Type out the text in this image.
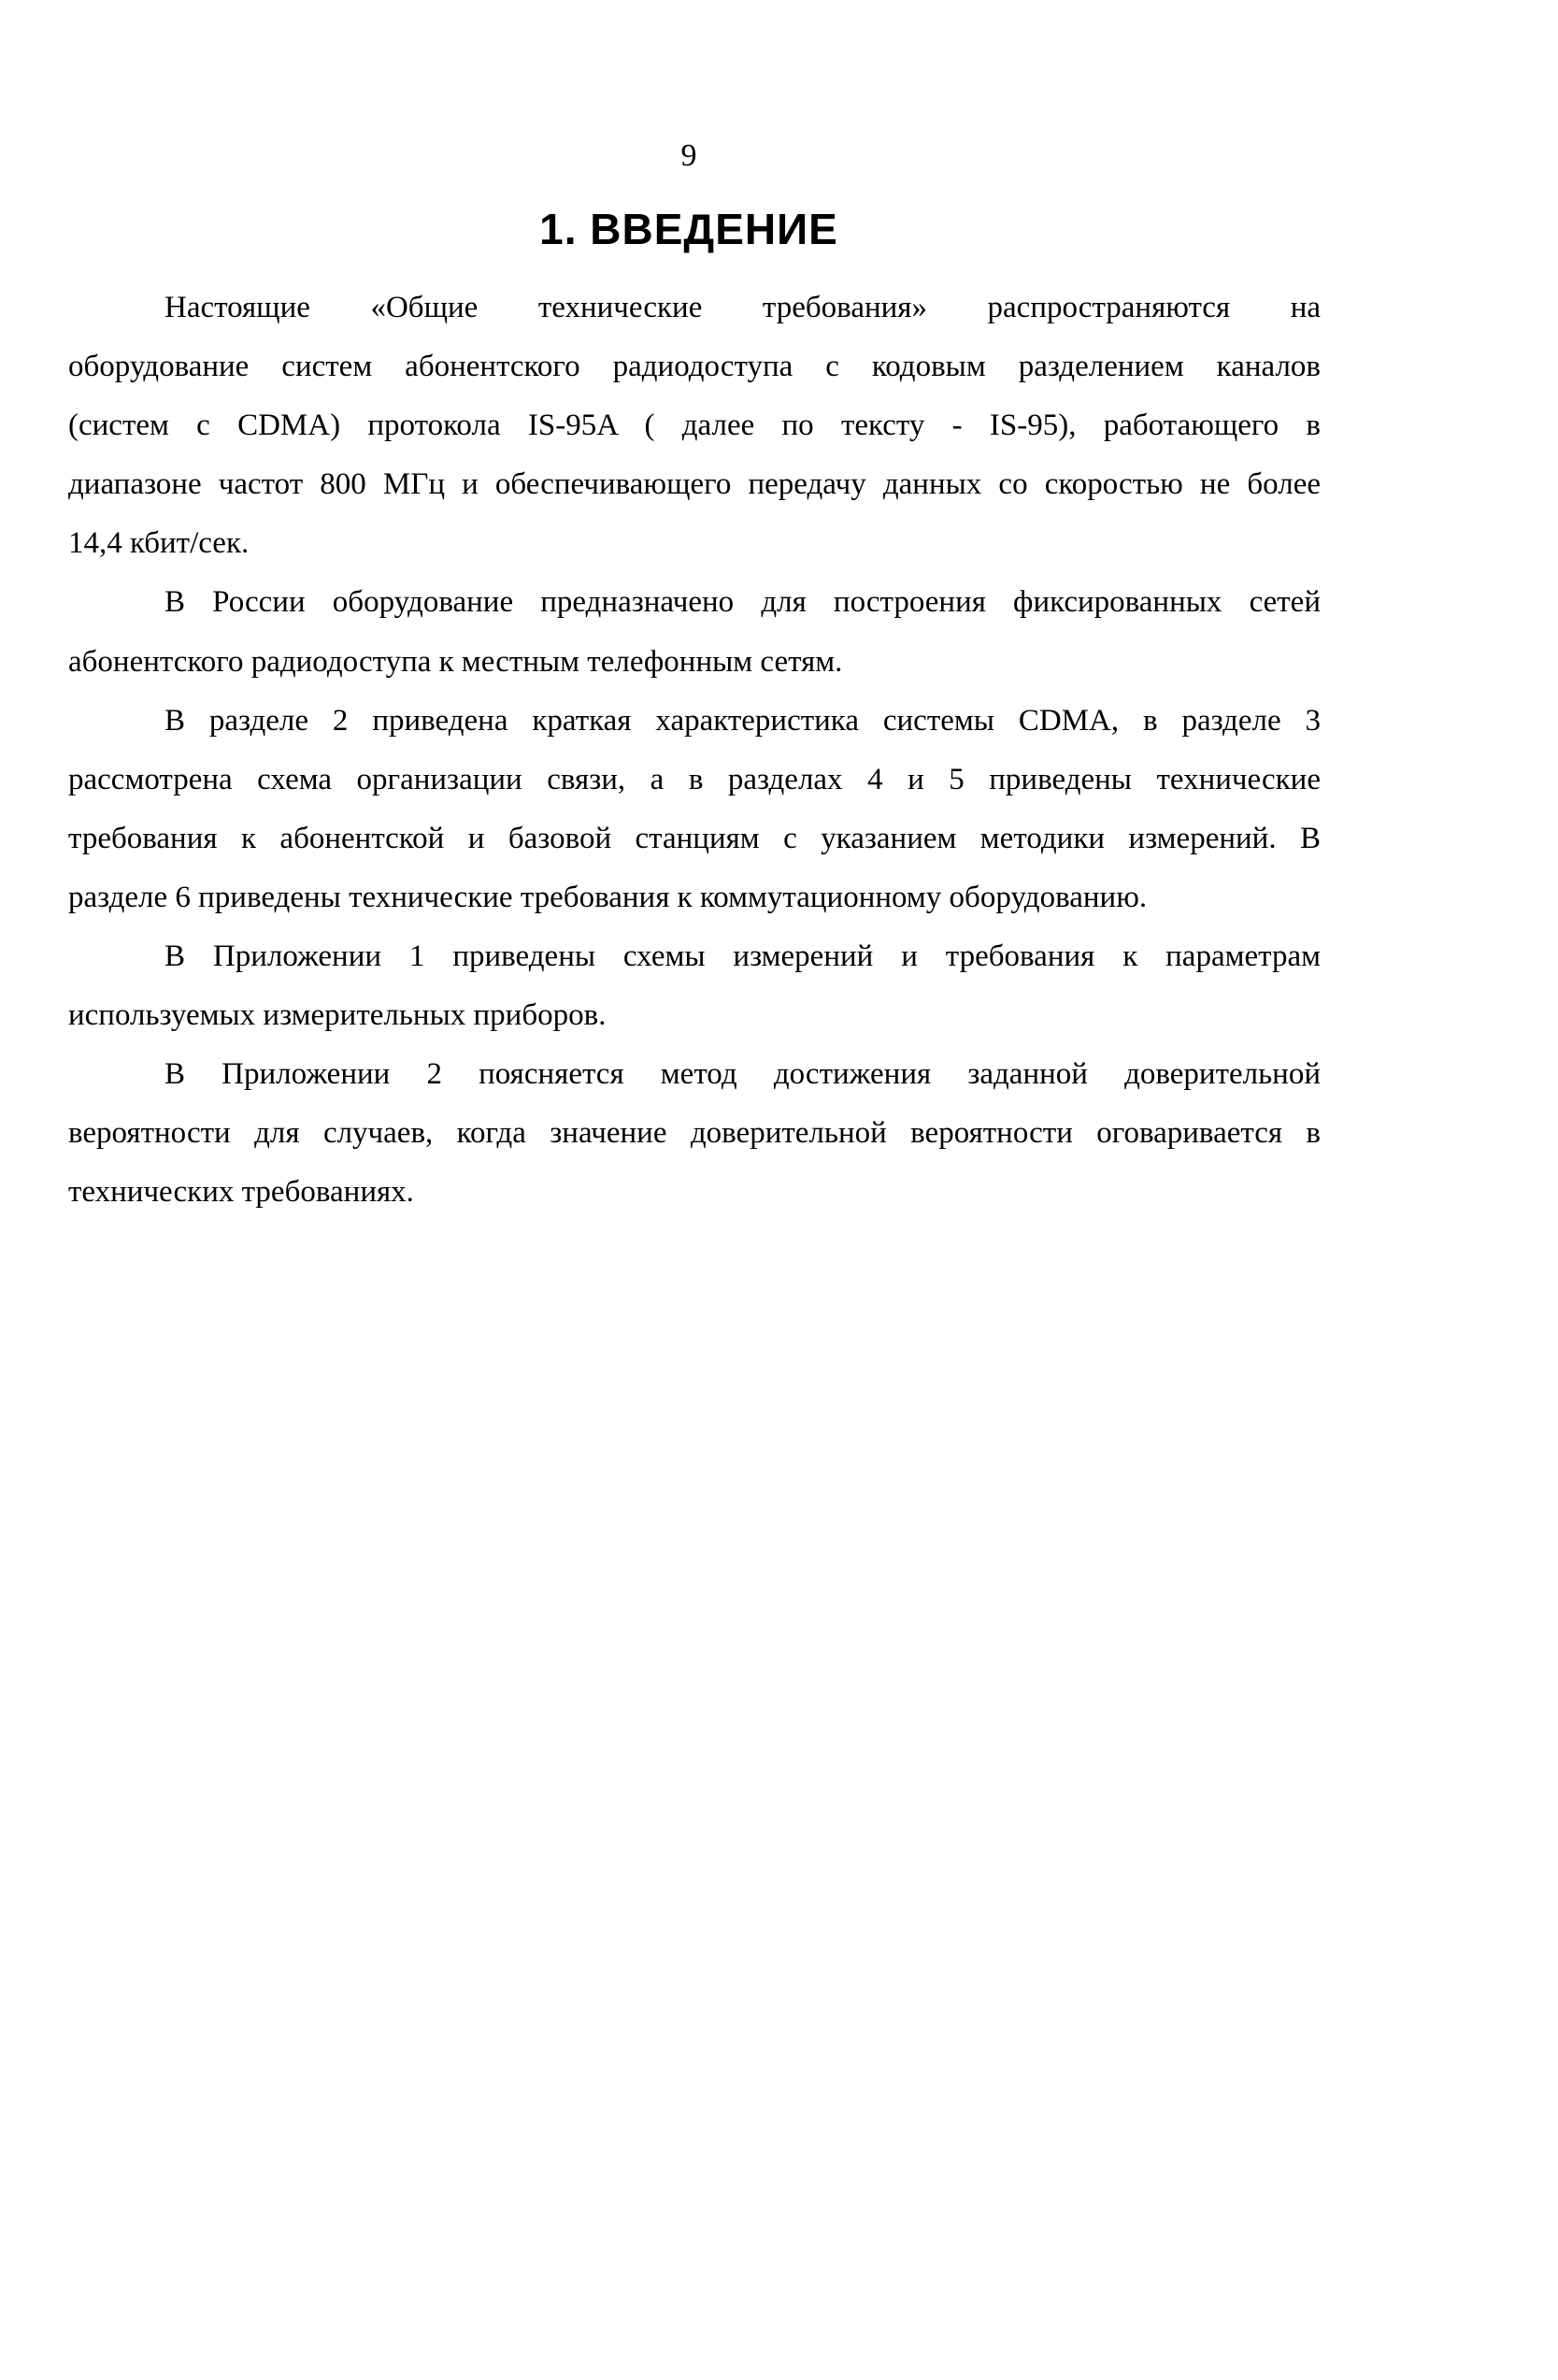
9
1. ВВЕДЕНИЕ
Настоящие «Общие технические требования» распространяются на
оборудование систем абонентского радиодоступа с кодовым разделением каналов
(систем с CDMA) протокола IS-95A ( далее по тексту - IS-95), работающего в
диапазоне частот 800 МГц и обеспечивающего передачу данных со скоростью не более
14,4 кбит/сек.
В России оборудование предназначено для построения фиксированных сетей
абонентского радиодоступа к местным телефонным сетям.
В разделе 2 приведена краткая характеристика системы CDMA, в разделе 3
рассмотрена схема организации связи, а в разделах 4 и 5 приведены технические
требования к абонентской и базовой станциям с указанием методики измерений. В
разделе 6 приведены технические требования к коммутационному оборудованию.
В Приложении 1 приведены схемы измерений и требования к параметрам
используемых измерительных приборов.
В Приложении 2 поясняется метод достижения заданной доверительной
вероятности для случаев, когда значение доверительной вероятности оговаривается в
технических требованиях.
